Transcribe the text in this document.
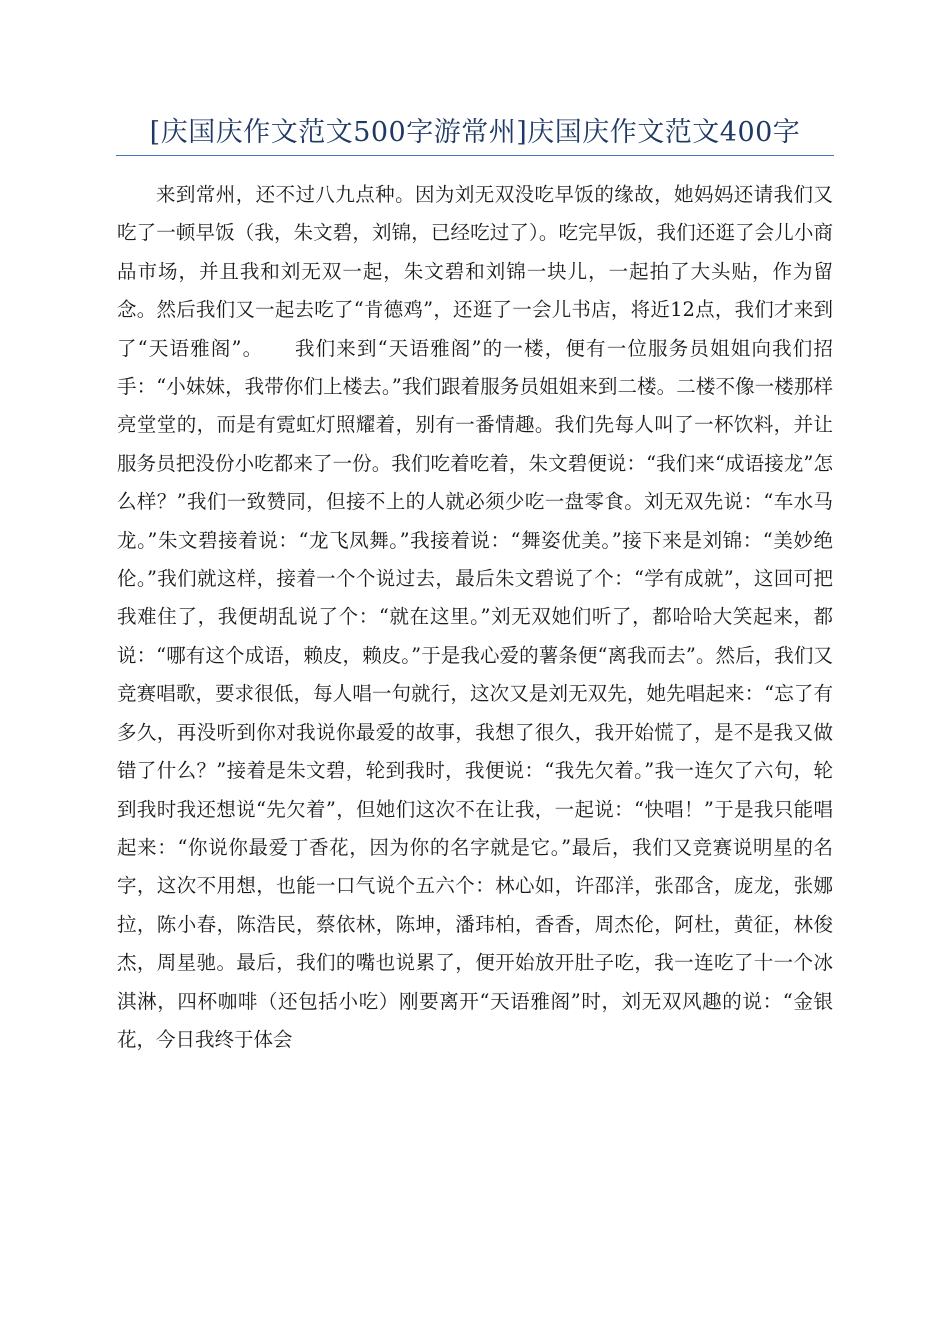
[庆国庆作文范文500字游常州]庆国庆作文范文400字

来到常州，还不过八九点种。因为刘无双没吃早饭的缘故，她妈妈还请我们又吃了一顿早饭（我，朱文碧，刘锦，已经吃过了）。吃完早饭，我们还逛了会儿小商品市场，并且我和刘无双一起，朱文碧和刘锦一块儿，一起拍了大头贴，作为留念。然后我们又一起去吃了“肯德鸡”，还逛了一会儿书店，将近12点，我们才来到了“天语雅阁”。　　我们来到“天语雅阁”的一楼，便有一位服务员姐姐向我们招手：“小妹妹，我带你们上楼去。”我们跟着服务员姐姐来到二楼。二楼不像一楼那样亮堂堂的，而是有霓虹灯照耀着，别有一番情趣。我们先每人叫了一杯饮料，并让服务员把没份小吃都来了一份。我们吃着吃着，朱文碧便说：“我们来“成语接龙”怎么样？”我们一致赞同，但接不上的人就必须少吃一盘零食。刘无双先说：“车水马龙。”朱文碧接着说：“龙飞凤舞。”我接着说：“舞姿优美。”接下来是刘锦：“美妙绝伦。”我们就这样，接着一个个说过去，最后朱文碧说了个：“学有成就”，这回可把我难住了，我便胡乱说了个：“就在这里。”刘无双她们听了，都哈哈大笑起来，都说：“哪有这个成语，赖皮，赖皮。”于是我心爱的薯条便“离我而去”。然后，我们又竞赛唱歌，要求很低，每人唱一句就行，这次又是刘无双先，她先唱起来：“忘了有多久，再没听到你对我说你最爱的故事，我想了很久，我开始慌了，是不是我又做错了什么？”接着是朱文碧，轮到我时，我便说：“我先欠着。”我一连欠了六句，轮到我时我还想说“先欠着”，但她们这次不在让我，一起说：“快唱！”于是我只能唱起来：“你说你最爱丁香花，因为你的名字就是它。”最后，我们又竞赛说明星的名字，这次不用想，也能一口气说个五六个：林心如，许邵洋，张邵含，庞龙，张娜拉，陈小春，陈浩民，蔡依林，陈坤，潘玮柏，香香，周杰伦，阿杜，黄征，林俊杰，周星驰。最后，我们的嘴也说累了，便开始放开肚子吃，我一连吃了十一个冰淇淋，四杯咖啡（还包括小吃）刚要离开“天语雅阁”时，刘无双风趣的说：“金银花，今日我终于体会
